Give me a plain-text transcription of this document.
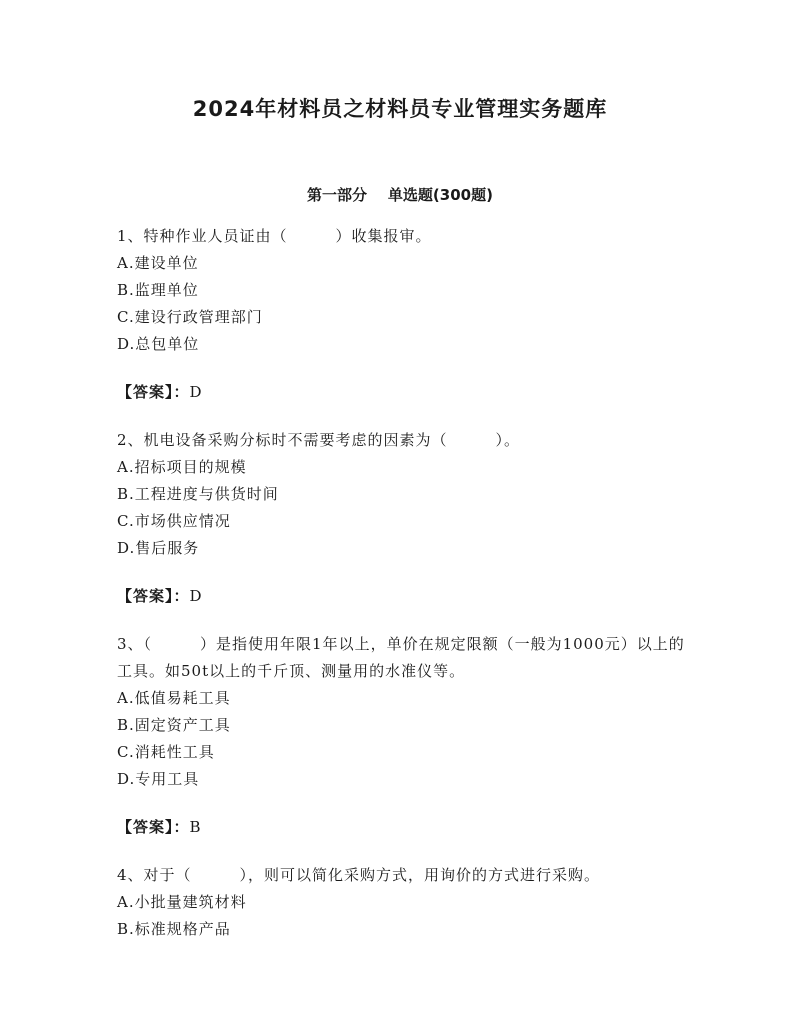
2024年材料员之材料员专业管理实务题库
第一部分    单选题(300题)

1、特种作业人员证由（　　　）收集报审。

A.建设单位

B.监理单位

C.建设行政管理部门

D.总包单位

【答案】：D

2、机电设备采购分标时不需要考虑的因素为（　　　）。

A.招标项目的规模

B.工程进度与供货时间

C.市场供应情况

D.售后服务

【答案】：D

3、（　　　）是指使用年限1年以上，单价在规定限额（一般为1000元）以上的工具。如50t以上的千斤顶、测量用的水准仪等。

A.低值易耗工具

B.固定资产工具

C.消耗性工具

D.专用工具

【答案】：B

4、对于（　　　），则可以简化采购方式，用询价的方式进行采购。

A.小批量建筑材料

B.标准规格产品
